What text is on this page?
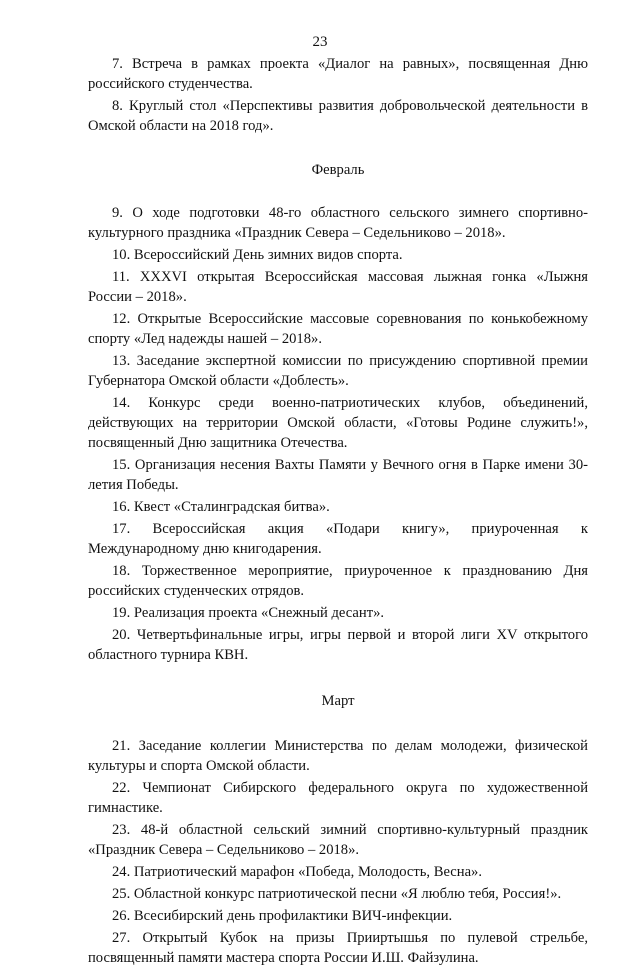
23

7. Встреча в рамках проекта «Диалог на равных», посвященная Дню российского студенчества.

8. Круглый стол «Перспективы развития добровольческой деятельности в Омской области на 2018 год».

Февраль

9. О ходе подготовки 48-го областного сельского зимнего спортивно-культурного праздника «Праздник Севера – Седельниково – 2018».

10. Всероссийский День зимних видов спорта.

11. XXXVI открытая Всероссийская массовая лыжная гонка «Лыжня России – 2018».

12. Открытые Всероссийские массовые соревнования по конькобежному спорту «Лед надежды нашей – 2018».

13. Заседание экспертной комиссии по присуждению спортивной премии Губернатора Омской области «Доблесть».

14. Конкурс среди военно-патриотических клубов, объединений, действующих на территории Омской области, «Готовы Родине служить!», посвященный Дню защитника Отечества.

15. Организация несения Вахты Памяти у Вечного огня в Парке имени 30-летия Победы.

16. Квест «Сталинградская битва».

17. Всероссийская акция «Подари книгу», приуроченная к Международному дню книгодарения.

18. Торжественное мероприятие, приуроченное к празднованию Дня российских студенческих отрядов.

19. Реализация проекта «Снежный десант».

20. Четвертьфинальные игры, игры первой и второй лиги XV открытого областного турнира КВН.

Март

21. Заседание коллегии Министерства по делам молодежи, физической культуры и спорта Омской области.

22. Чемпионат Сибирского федерального округа по художественной гимнастике.

23. 48-й областной сельский зимний спортивно-культурный праздник «Праздник Севера – Седельниково – 2018».

24. Патриотический марафон «Победа, Молодость, Весна».

25. Областной конкурс патриотической песни «Я люблю тебя, Россия!».

26. Всесибирский день профилактики ВИЧ-инфекции.

27. Открытый Кубок на призы Прииртышья по пулевой стрельбе, посвященный памяти мастера спорта России И.Ш. Файзулина.
